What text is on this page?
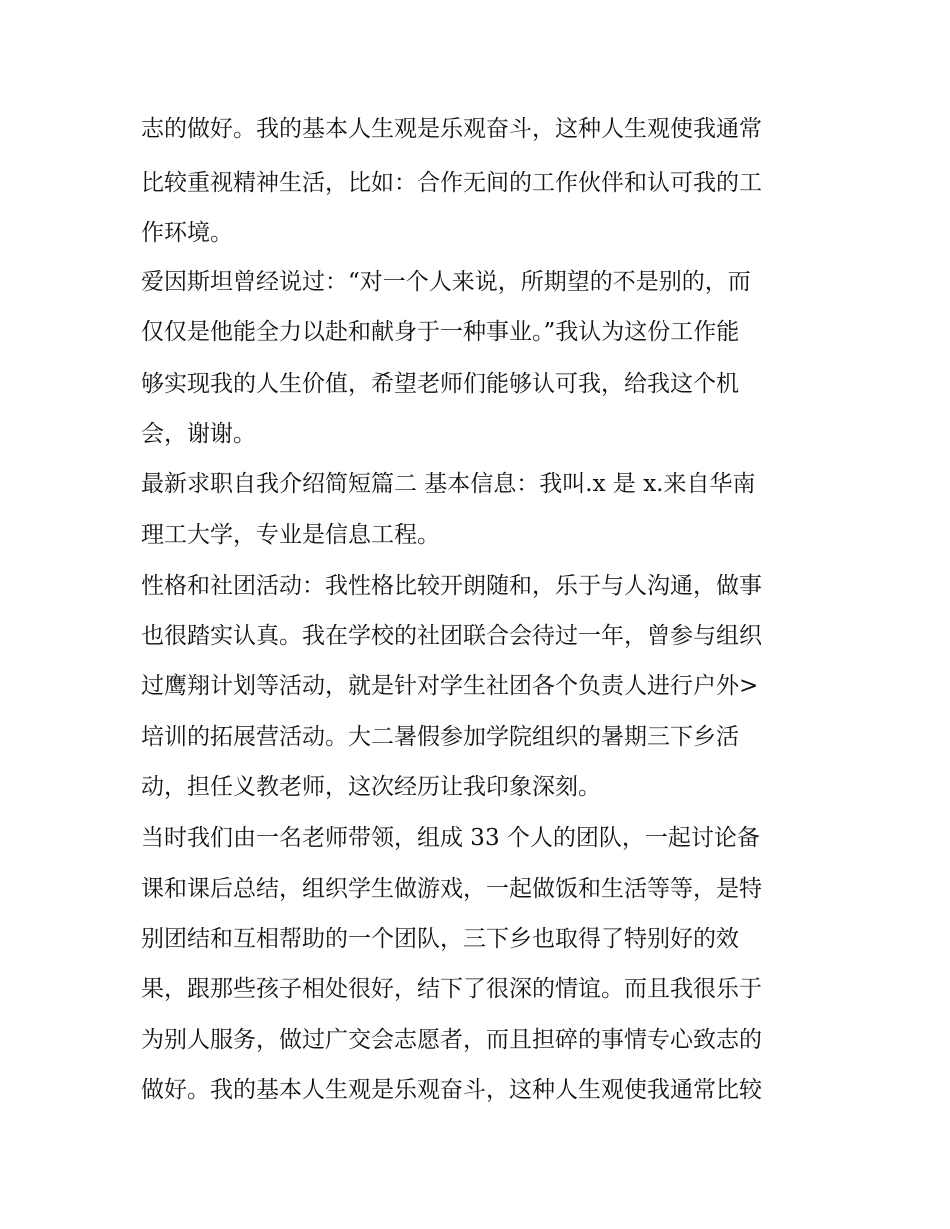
志的做好。我的基本人生观是乐观奋斗，这种人生观使我通常
比较重视精神生活，比如：合作无间的工作伙伴和认可我的工
作环境。
爱因斯坦曾经说过：“对一个人来说，所期望的不是别的，而
仅仅是他能全力以赴和献身于一种事业。”我认为这份工作能
够实现我的人生价值，希望老师们能够认可我，给我这个机
会，谢谢。
最新求职自我介绍简短篇二 基本信息：我叫.x 是 x.来自华南
理工大学，专业是信息工程。
性格和社团活动：我性格比较开朗随和，乐于与人沟通，做事
也很踏实认真。我在学校的社团联合会待过一年，曾参与组织
过鹰翔计划等活动，就是针对学生社团各个负责人进行户外>
培训的拓展营活动。大二暑假参加学院组织的暑期三下乡活
动，担任义教老师，这次经历让我印象深刻。
当时我们由一名老师带领，组成 33 个人的团队，一起讨论备
课和课后总结，组织学生做游戏，一起做饭和生活等等，是特
别团结和互相帮助的一个团队，三下乡也取得了特别好的效
果，跟那些孩子相处很好，结下了很深的情谊。而且我很乐于
为别人服务，做过广交会志愿者，而且担碎的事情专心致志的
做好。我的基本人生观是乐观奋斗，这种人生观使我通常比较
